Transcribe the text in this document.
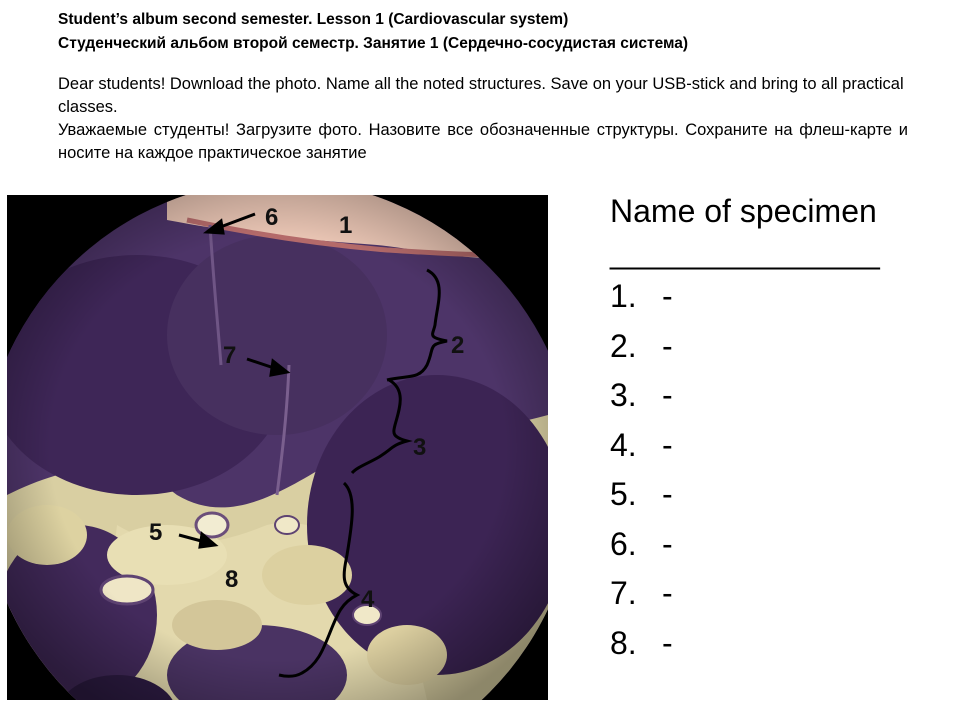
Student’s album second semester. Lesson 1 (Cardiovascular system)

Студенческий альбом второй семестр. Занятие 1 (Сердечно-сосудистая система)

Dear students! Download the photo. Name all the noted structures. Save on your USB-stick and bring to all practical classes.

Уважаемые студенты! Загрузите фото. Назовите все обозначенные структуры. Сохраните на флеш-карте и носите на каждое практическое занятие

6	1
2
3
4
7
5
8

Name of specimen

________________

1. -
2. -
3. -
4. -
5. -
6. -
7. -
8. -
